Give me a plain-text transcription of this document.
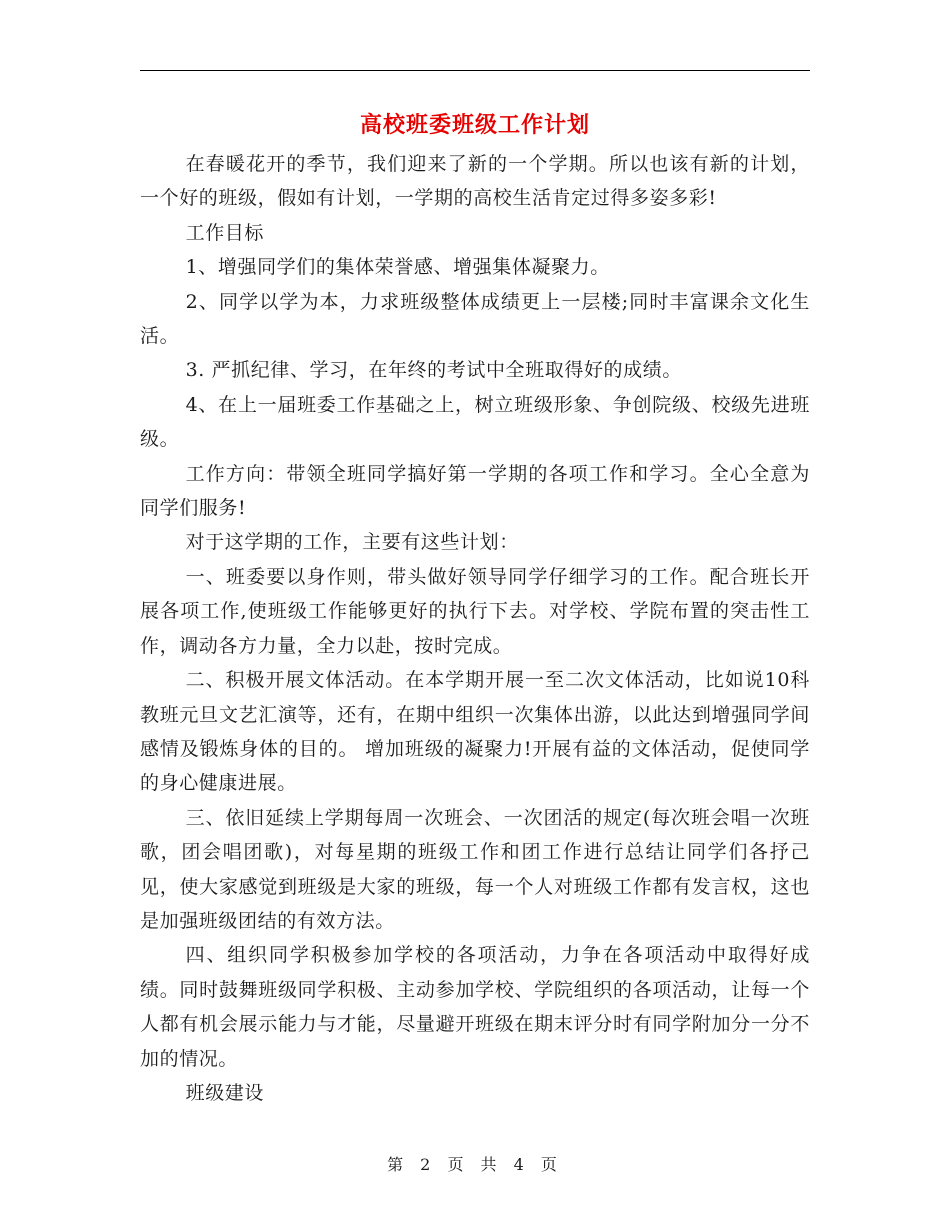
高校班委班级工作计划

在春暖花开的季节，我们迎来了新的一个学期。所以也该有新的计划，一个好的班级，假如有计划，一学期的高校生活肯定过得多姿多彩!

工作目标

1、增强同学们的集体荣誉感、增强集体凝聚力。

2、同学以学为本，力求班级整体成绩更上一层楼;同时丰富课余文化生活。

3. 严抓纪律、学习，在年终的考试中全班取得好的成绩。

4、在上一届班委工作基础之上，树立班级形象、争创院级、校级先进班级。

工作方向：带领全班同学搞好第一学期的各项工作和学习。全心全意为同学们服务!

对于这学期的工作，主要有这些计划：

一、班委要以身作则，带头做好领导同学仔细学习的工作。配合班长开展各项工作,使班级工作能够更好的执行下去。对学校、学院布置的突击性工作，调动各方力量，全力以赴，按时完成。

二、积极开展文体活动。在本学期开展一至二次文体活动，比如说10科教班元旦文艺汇演等，还有，在期中组织一次集体出游，以此达到增强同学间感情及锻炼身体的目的。 增加班级的凝聚力!开展有益的文体活动，促使同学的身心健康进展。

三、依旧延续上学期每周一次班会、一次团活的规定(每次班会唱一次班歌，团会唱团歌)，对每星期的班级工作和团工作进行总结让同学们各抒己见，使大家感觉到班级是大家的班级，每一个人对班级工作都有发言权，这也是加强班级团结的有效方法。

四、组织同学积极参加学校的各项活动，力争在各项活动中取得好成绩。同时鼓舞班级同学积极、主动参加学校、学院组织的各项活动，让每一个人都有机会展示能力与才能，尽量避开班级在期末评分时有同学附加分一分不加的情况。

班级建设

第 2 页 共 4 页
